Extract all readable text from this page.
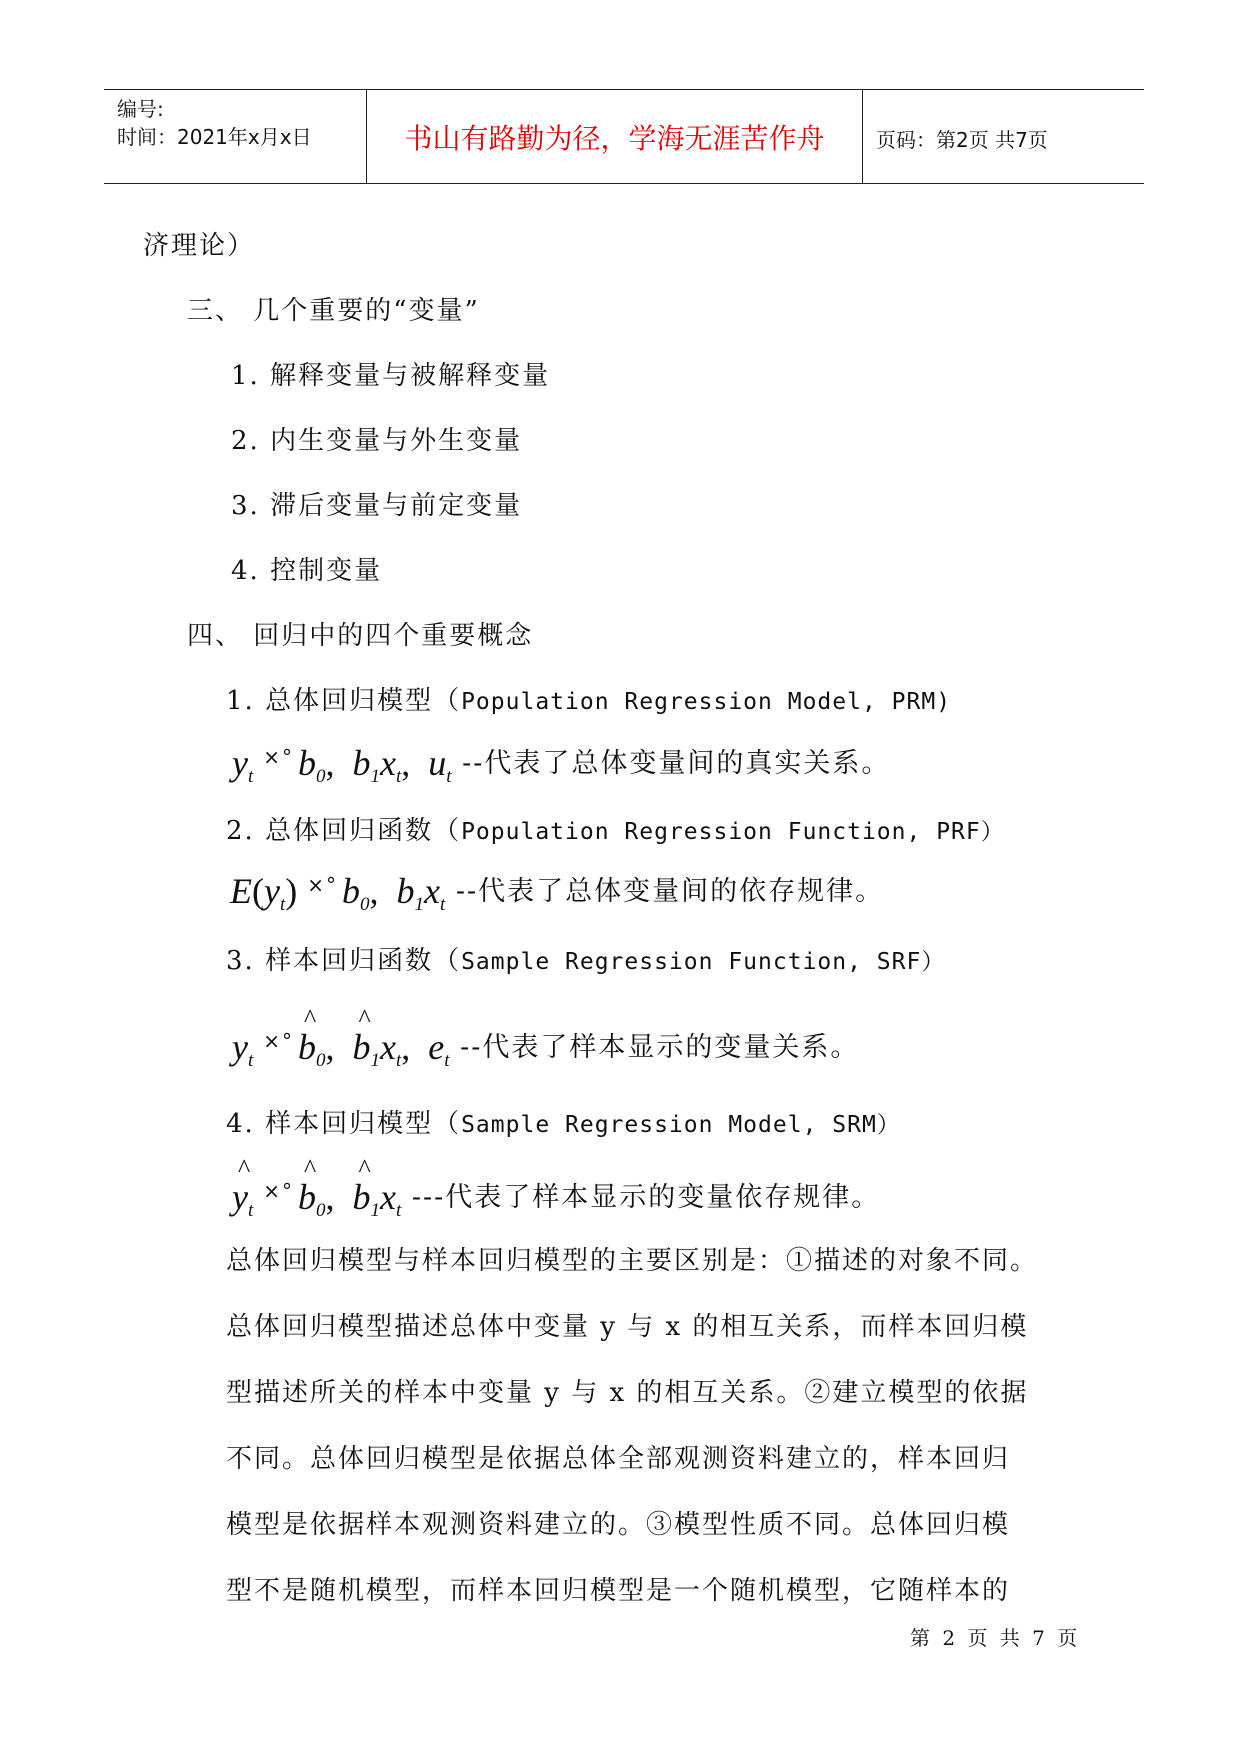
编号:
时间：2021年x月x日	书山有路勤为径，学海无涯苦作舟	页码：第2页 共7页
济理论）
三、 几个重要的“变量”
1. 解释变量与被解释变量
2. 内生变量与外生变量
3. 滞后变量与前定变量
4. 控制变量
四、 回归中的四个重要概念
1. 总体回归模型（Population Regression Model, PRM)
$y_t^{\times^\circ}$ $b_0$,  $b_1x_t$,  $u_t$ --代表了总体变量间的真实关系。
2. 总体回归函数（Population Regression Function, PRF）
$E(y_t)$ ×° $b_0$,  $b_1x_t$ --代表了总体变量间的依存规律。
3. 样本回归函数（Sample Regression Function, SRF）
$y_t^{\times^\circ}\^{}$ $b_0$,  ^ $b_1x_t$,  $e_t$ --代表了样本显示的变量关系。
4. 样本回归模型（Sample Regression Model, SRM）
^ $y_t^{\times^\circ}\^{}$ $b_0$,  ^ $b_1x_t$ ---代表了样本显示的变量依存规律。
总体回归模型与样本回归模型的主要区别是：①描述的对象不同。
总体回归模型描述总体中变量 y 与 x 的相互关系，而样本回归模
型描述所关的样本中变量 y 与 x 的相互关系。②建立模型的依据
不同。总体回归模型是依据总体全部观测资料建立的，样本回归
模型是依据样本观测资料建立的。③模型性质不同。总体回归模
型不是随机模型，而样本回归模型是一个随机模型，它随样本的
第 2 页 共 7 页
